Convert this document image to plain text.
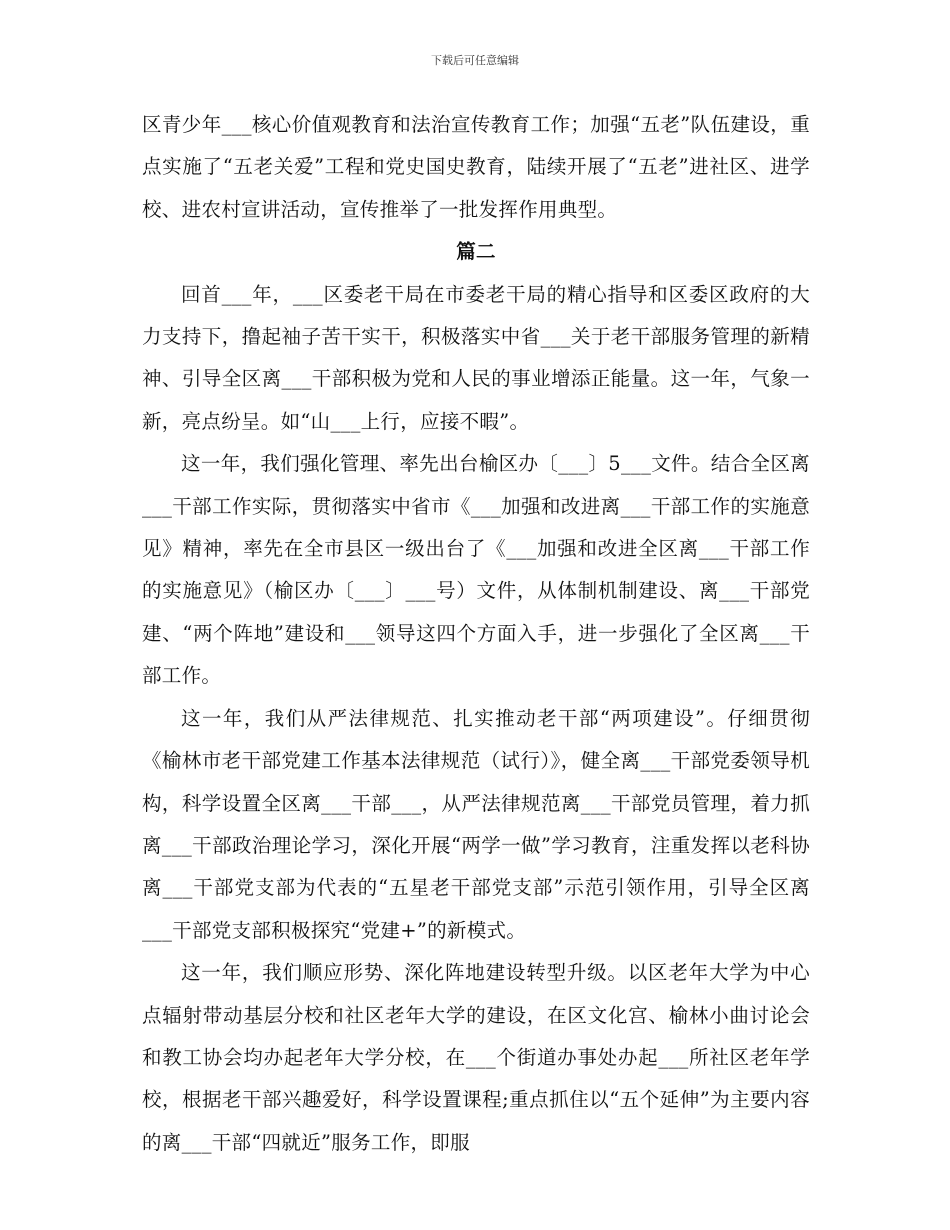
下载后可任意编辑

区青少年___核心价值观教育和法治宣传教育工作；加强“五老”队伍建设，重点实施了“五老关爱”工程和党史国史教育，陆续开展了“五老”进社区、进学校、进农村宣讲活动，宣传推举了一批发挥作用典型。

篇二

回首___年，___区委老干局在市委老干局的精心指导和区委区政府的大力支持下，撸起袖子苦干实干，积极落实中省___关于老干部服务管理的新精神、引导全区离___干部积极为党和人民的事业增添正能量。这一年，气象一新，亮点纷呈。如“山___上行，应接不暇”。

这一年，我们强化管理、率先出台榆区办〔___〕5___文件。结合全区离___干部工作实际，贯彻落实中省市《___加强和改进离___干部工作的实施意见》精神，率先在全市县区一级出台了《___加强和改进全区离___干部工作的实施意见》（榆区办〔___〕___号）文件，从体制机制建设、离___干部党建、“两个阵地”建设和___领导这四个方面入手，进一步强化了全区离___干部工作。

这一年，我们从严法律规范、扎实推动老干部“两项建设”。仔细贯彻《榆林市老干部党建工作基本法律规范（试行）》，健全离___干部党委领导机构，科学设置全区离___干部___，从严法律规范离___干部党员管理，着力抓离___干部政治理论学习，深化开展“两学一做”学习教育，注重发挥以老科协离___干部党支部为代表的“五星老干部党支部”示范引领作用，引导全区离___干部党支部积极探究“党建+”的新模式。

这一年，我们顺应形势、深化阵地建设转型升级。以区老年大学为中心点辐射带动基层分校和社区老年大学的建设，在区文化宫、榆林小曲讨论会和教工协会均办起老年大学分校，在___个街道办事处办起___所社区老年学校，根据老干部兴趣爱好，科学设置课程;重点抓住以“五个延伸”为主要内容的离___干部“四就近”服务工作，即服
